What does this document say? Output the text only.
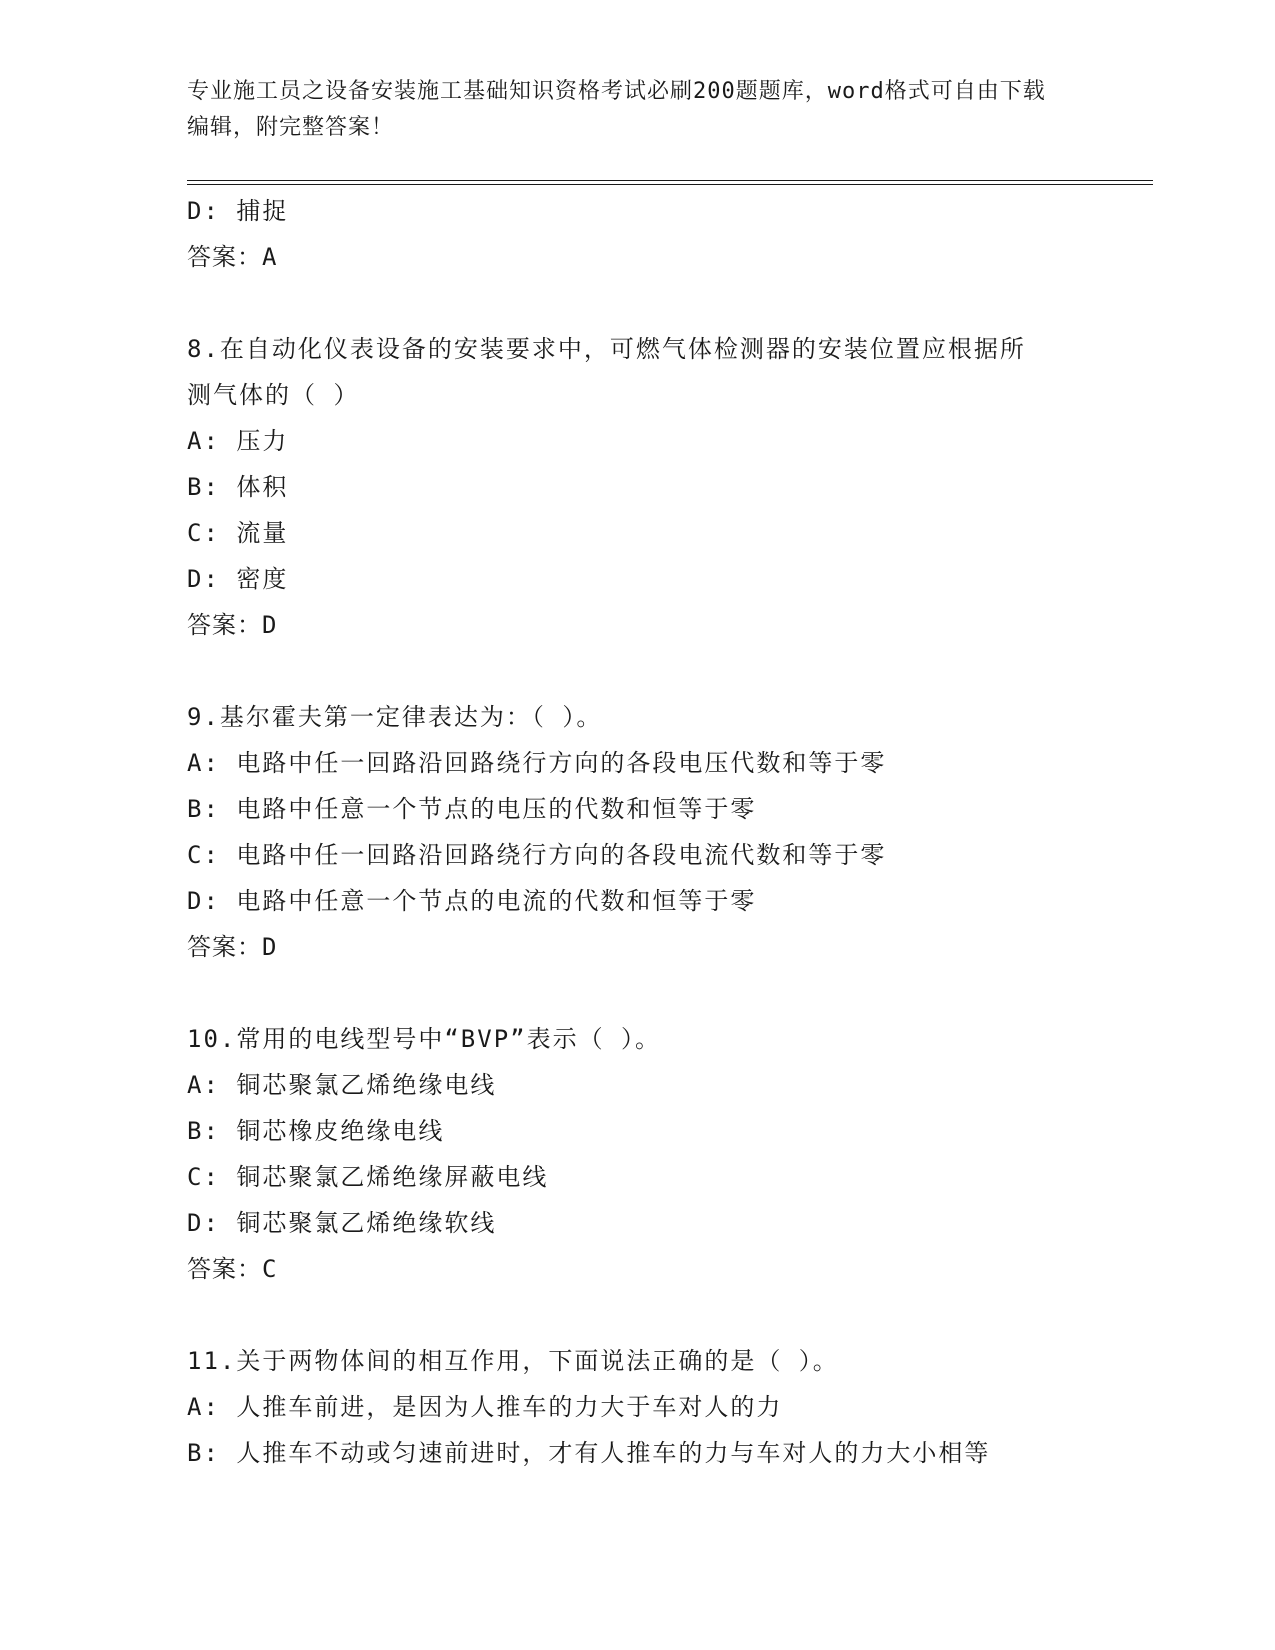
专业施工员之设备安装施工基础知识资格考试必刷200题题库，word格式可自由下载编辑，附完整答案！
D: 捕捉
答案：A
8.在自动化仪表设备的安装要求中，可燃气体检测器的安装位置应根据所测气体的（ ）
A: 压力
B: 体积
C: 流量
D: 密度
答案：D
9.基尔霍夫第一定律表达为：（ ）。
A: 电路中任一回路沿回路绕行方向的各段电压代数和等于零
B: 电路中任意一个节点的电压的代数和恒等于零
C: 电路中任一回路沿回路绕行方向的各段电流代数和等于零
D: 电路中任意一个节点的电流的代数和恒等于零
答案：D
10.常用的电线型号中“BVP”表示（ ）。
A: 铜芯聚氯乙烯绝缘电线
B: 铜芯橡皮绝缘电线
C: 铜芯聚氯乙烯绝缘屏蔽电线
D: 铜芯聚氯乙烯绝缘软线
答案：C
11.关于两物体间的相互作用，下面说法正确的是（ ）。
A: 人推车前进，是因为人推车的力大于车对人的力
B: 人推车不动或匀速前进时，才有人推车的力与车对人的力大小相等
